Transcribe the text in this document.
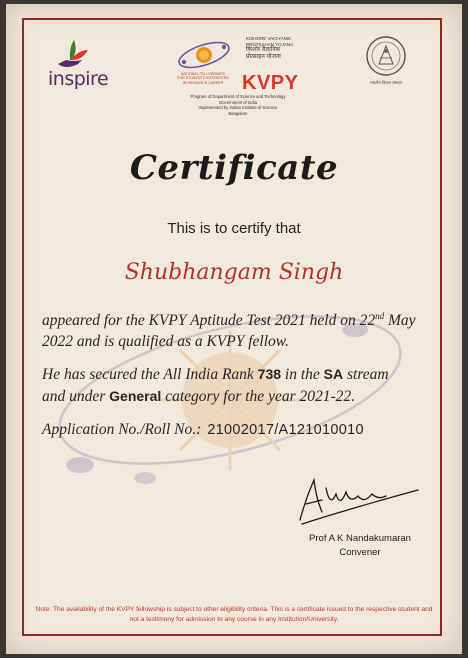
inspire
KISHORE VAIGYANIK
PROTSAHAN YOJANA
किशोर वैज्ञानिक
प्रोत्साहन योजना
NATIONAL FELLOWSHIPS
FOR STUDENTS INTERESTED
IN RESEARCH CAREER KVPY
Program of Department of Science and Technology
Government of India
Implemented by Indian Institute of Science
Bangalore
भारतीय विज्ञान संस्थान
Certificate
This is to certify that
Shubhangam Singh
appeared for the KVPY Aptitude Test 2021 held on 22nd May
2022 and is qualified as a KVPY fellow.
He has secured the All India Rank 738 in the SA stream
and under General category for the year 2021-22.
Application No./Roll No.: 21002017/A121010010
Prof A K Nandakumaran
Convener
Note: The availability of the KVPY fellowship is subject to other eligibility criteria. This is a certificate issued to the respective student and not a testimony for admission to any course in any Institution/University.
